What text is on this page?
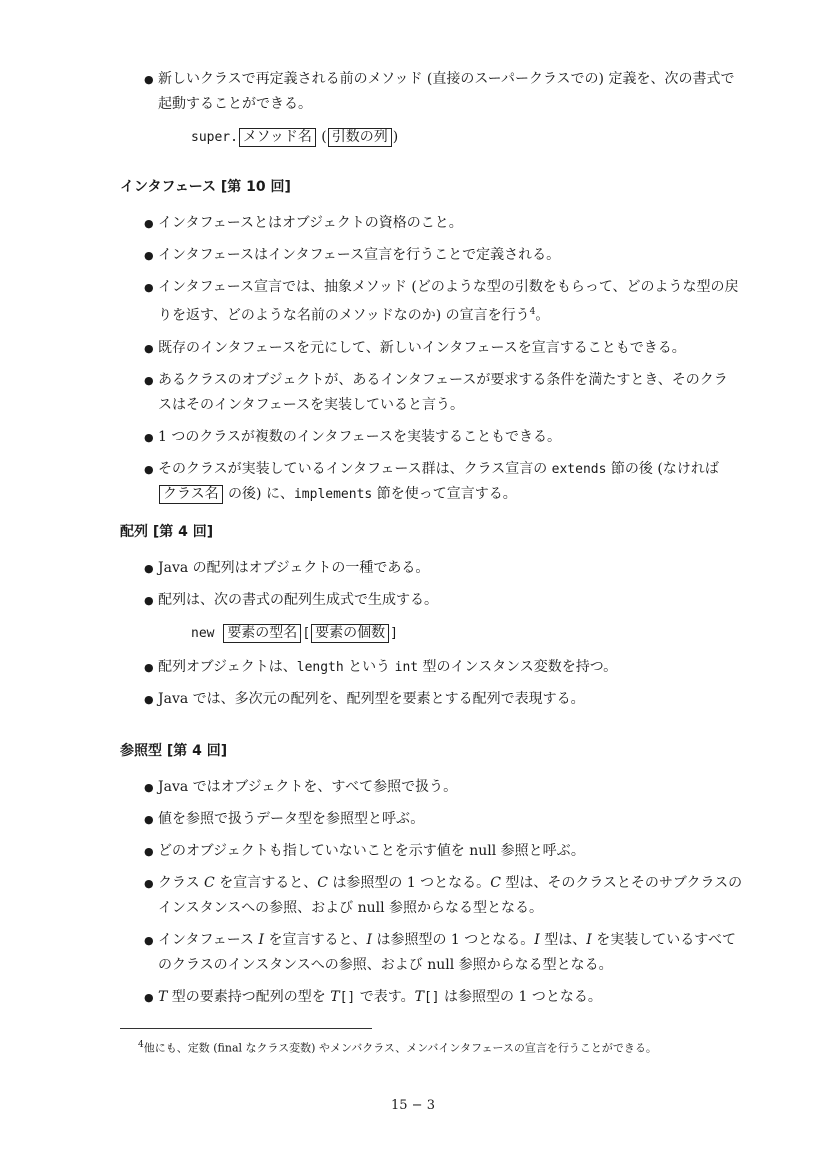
● 新しいクラスで再定義される前のメソッド (直接のスーパークラスでの) 定義を、次の書式で
起動することができる。
super. メソッド名 ( 引数の列 )
インタフェース [第 10 回]
● インタフェースとはオブジェクトの資格のこと。
● インタフェースはインタフェース宣言を行うことで定義される。
● インタフェース宣言では、抽象メソッド (どのような型の引数をもらって、どのような型の戻
りを返す、どのような名前のメソッドなのか) の宣言を行う$^4$。
● 既存のインタフェースを元にして、新しいインタフェースを宣言することもできる。
● あるクラスのオブジェクトが、あるインタフェースが要求する条件を満たすとき、そのクラ
スはそのインタフェースを実装していると言う。
● 1 つのクラスが複数のインタフェースを実装することもできる。
● そのクラスが実装しているインタフェース群は、クラス宣言の extends 節の後 (なければ
クラス名 の後) に、implements 節を使って宣言する。
配列 [第 4 回]
● Java の配列はオブジェクトの一種である。
● 配列は、次の書式の配列生成式で生成する。
new 要素の型名 [ 要素の個数 ]
● 配列オブジェクトは、length という int 型のインスタンス変数を持つ。
● Java では、多次元の配列を、配列型を要素とする配列で表現する。
参照型 [第 4 回]
● Java ではオブジェクトを、すべて参照で扱う。
● 値を参照で扱うデータ型を参照型と呼ぶ。
● どのオブジェクトも指していないことを示す値を null 参照と呼ぶ。
● クラス C を宣言すると、C は参照型の 1 つとなる。C 型は、そのクラスとそのサブクラスの
インスタンスへの参照、および null 参照からなる型となる。
● インタフェース I を宣言すると、I は参照型の 1 つとなる。I 型は、I を実装しているすべて
のクラスのインスタンスへの参照、および null 参照からなる型となる。
● T 型の要素持つ配列の型を T[] で表す。T[] は参照型の 1 つとなる。
$^4$他にも、定数 (final なクラス変数) やメンバクラス、メンバインタフェースの宣言を行うことができる。
15 − 3
